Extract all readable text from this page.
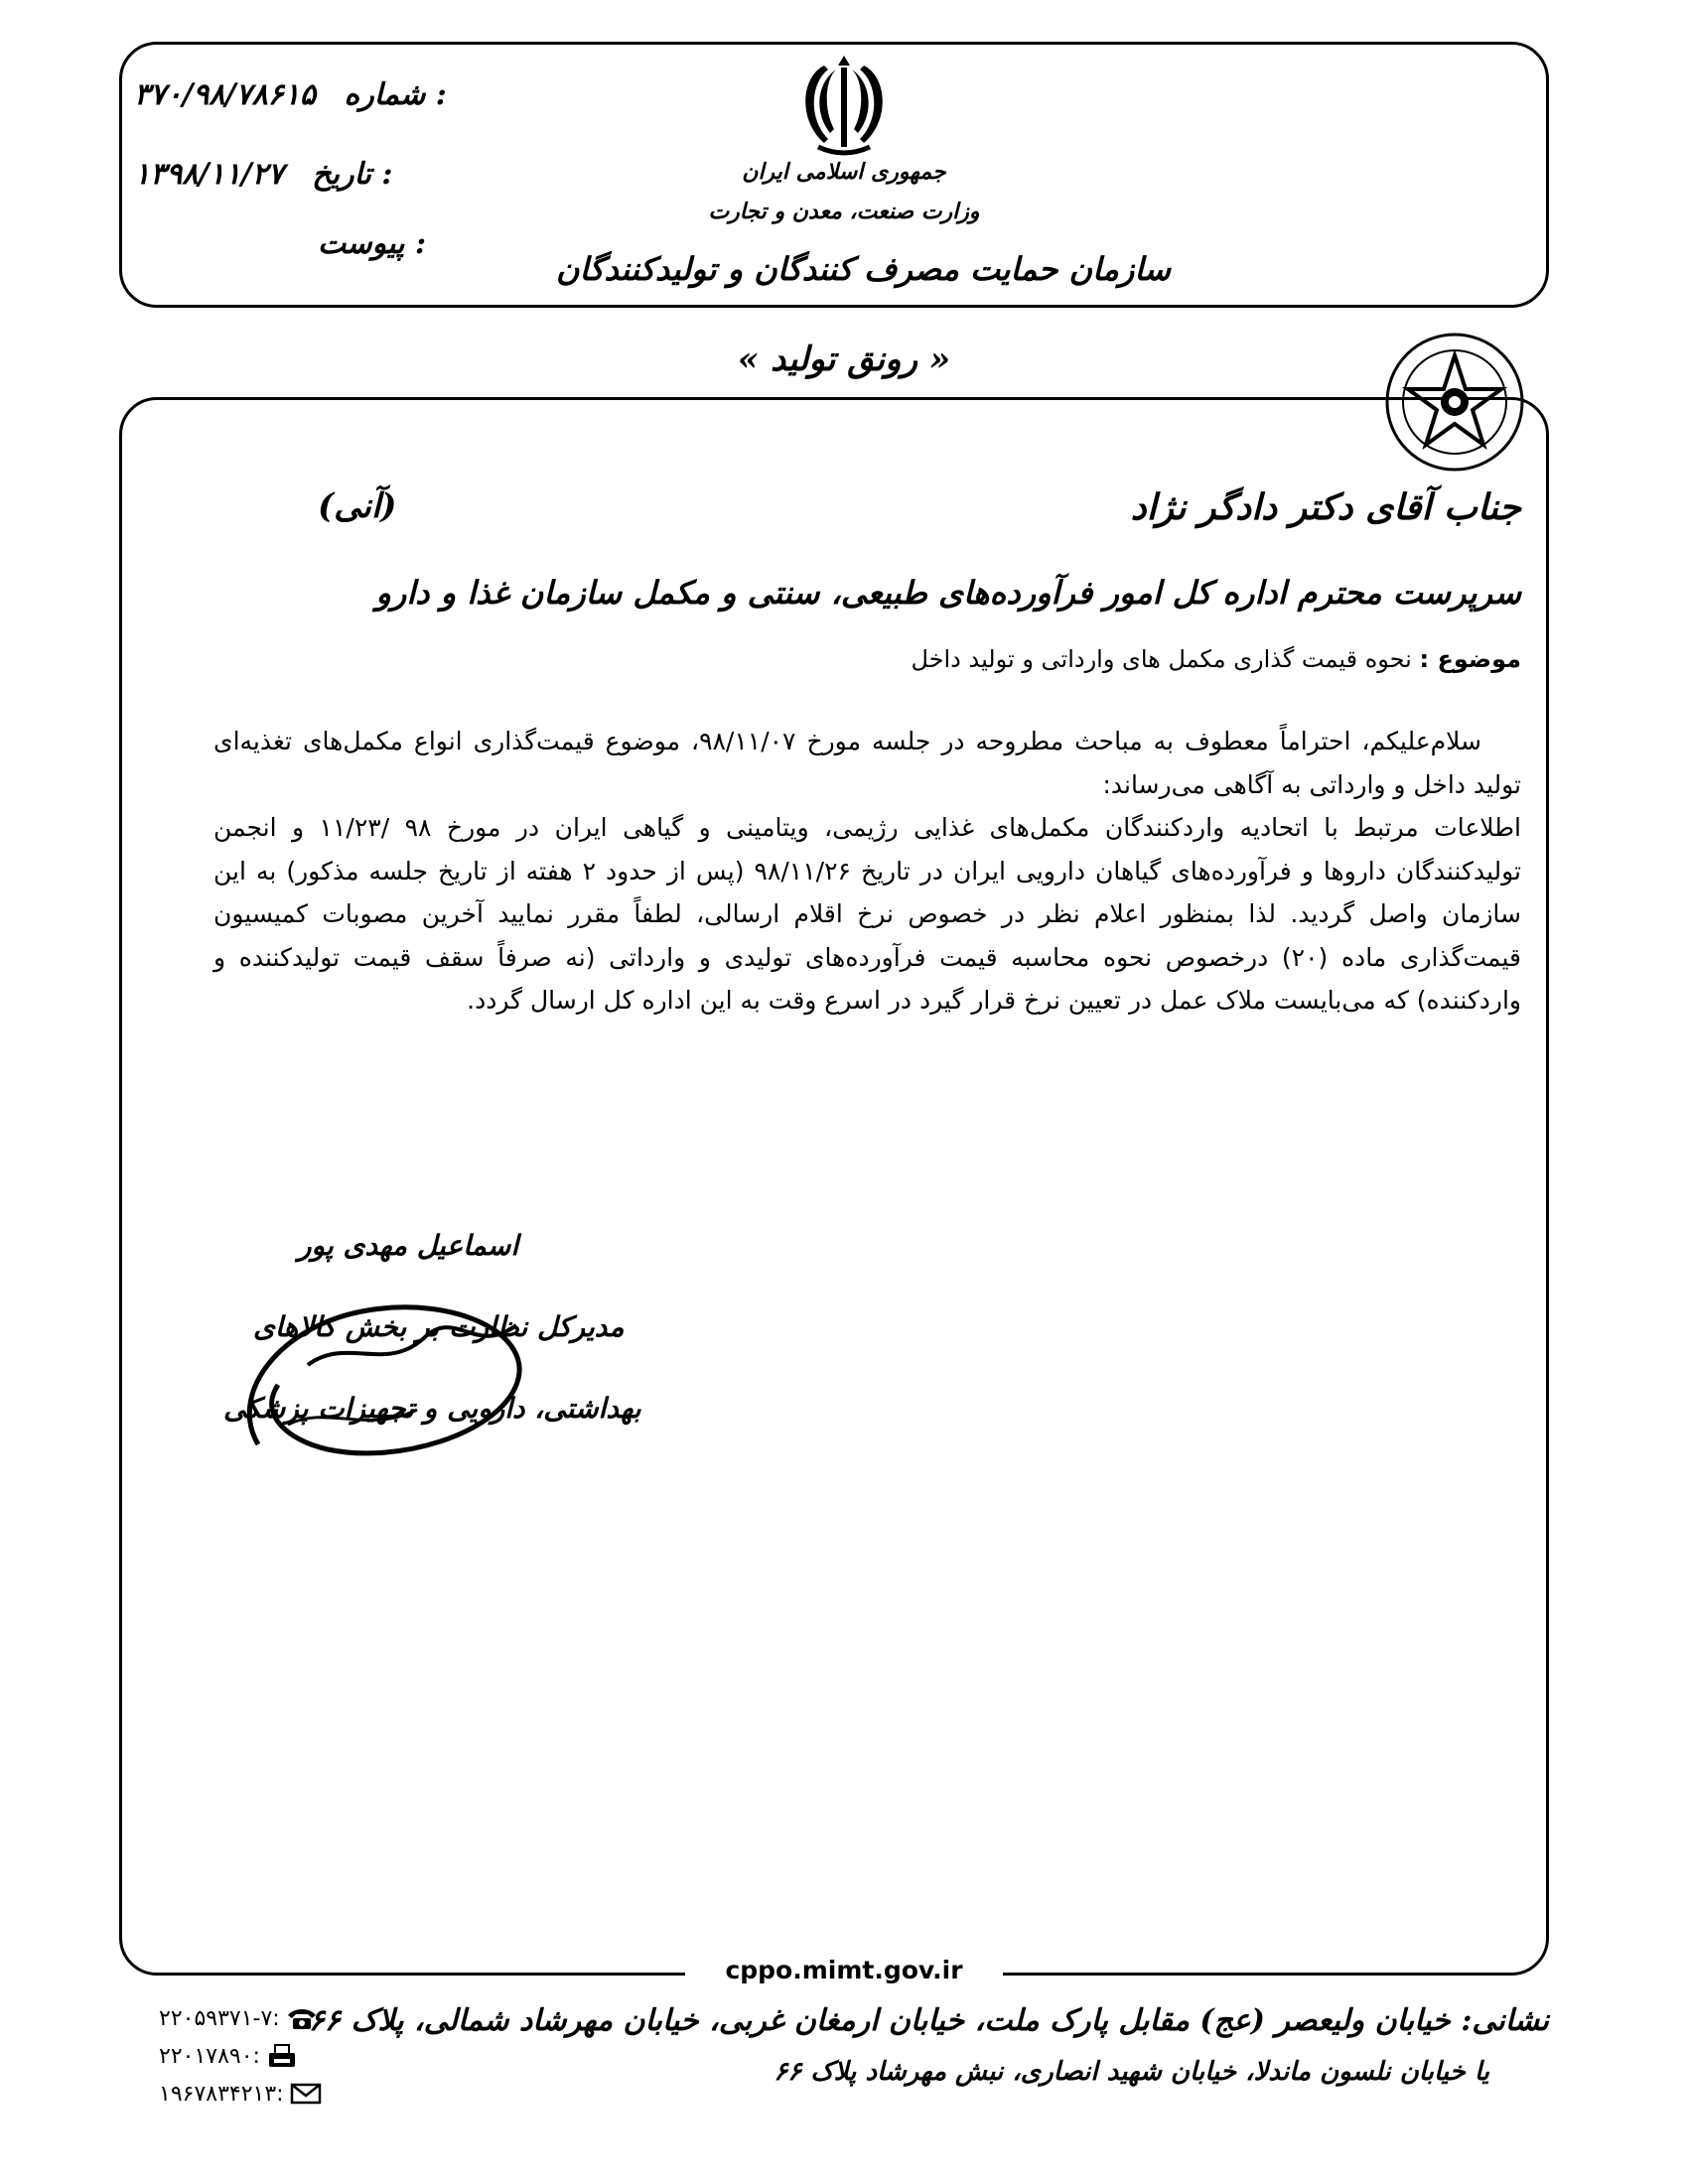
۳۷۰/۹۸/۷۸۶۱۵ شماره :
۱۳۹۸/۱۱/۲۷ تاریخ :
پیوست :
جمهوری اسلامی ایران
وزارت صنعت، معدن و تجارت
سازمان حمایت مصرف کنندگان و تولیدکنندگان
« رونق تولید »
جناب آقای دکتر دادگر نژاد
(آنی)
سرپرست محترم اداره کل امور فرآورده‌های طبیعی، سنتی و مکمل سازمان غذا و دارو
موضوع : نحوه قیمت گذاری مکمل های وارداتی و تولید داخل

سلام‌علیکم، احتراماً معطوف به مباحث مطروحه در جلسه مورخ ۹۸/۱۱/۰۷، موضوع قیمت‌گذاری انواع مکمل‌های تغذیه‌ای تولید داخل و وارداتی به آگاهی می‌رساند:

اطلاعات مرتبط با اتحادیه واردکنندگان مکمل‌های غذایی رژیمی، ویتامینی و گیاهی ایران در مورخ ۹۸ /۱۱/۲۳ و انجمن تولیدکنندگان داروها و فرآورده‌های گیاهان دارویی ایران در تاریخ ۹۸/۱۱/۲۶ (پس از حدود ۲ هفته از تاریخ جلسه مذکور) به این سازمان واصل گردید. لذا بمنظور اعلام نظر در خصوص نرخ اقلام ارسالی، لطفاً مقرر نمایید آخرین مصوبات کمیسیون قیمت‌گذاری ماده (۲۰) درخصوص نحوه محاسبه قیمت فرآورده‌های تولیدی و وارداتی (نه صرفاً سقف قیمت تولیدکننده و واردکننده) که می‌بایست ملاک عمل در تعیین نرخ قرار گیرد در اسرع وقت به این اداره کل ارسال گردد.

اسماعیل مهدی پور
مدیرکل نظارت بر بخش کالاهای
بهداشتی، دارویی و تجهیزات پزشکی
cppo.mimt.gov.ir
۲۲۰۵۹۳۷۱-۷:
۲۲۰۱۷۸۹۰:
۱۹۶۷۸۳۴۲۱۳:
نشانی: خیابان ولیعصر (عج) مقابل پارک ملت، خیابان ارمغان غربی، خیابان مهرشاد شمالی، پلاک ۶۶
یا خیابان نلسون ماندلا، خیابان شهید انصاری، نبش مهرشاد پلاک ۶۶
